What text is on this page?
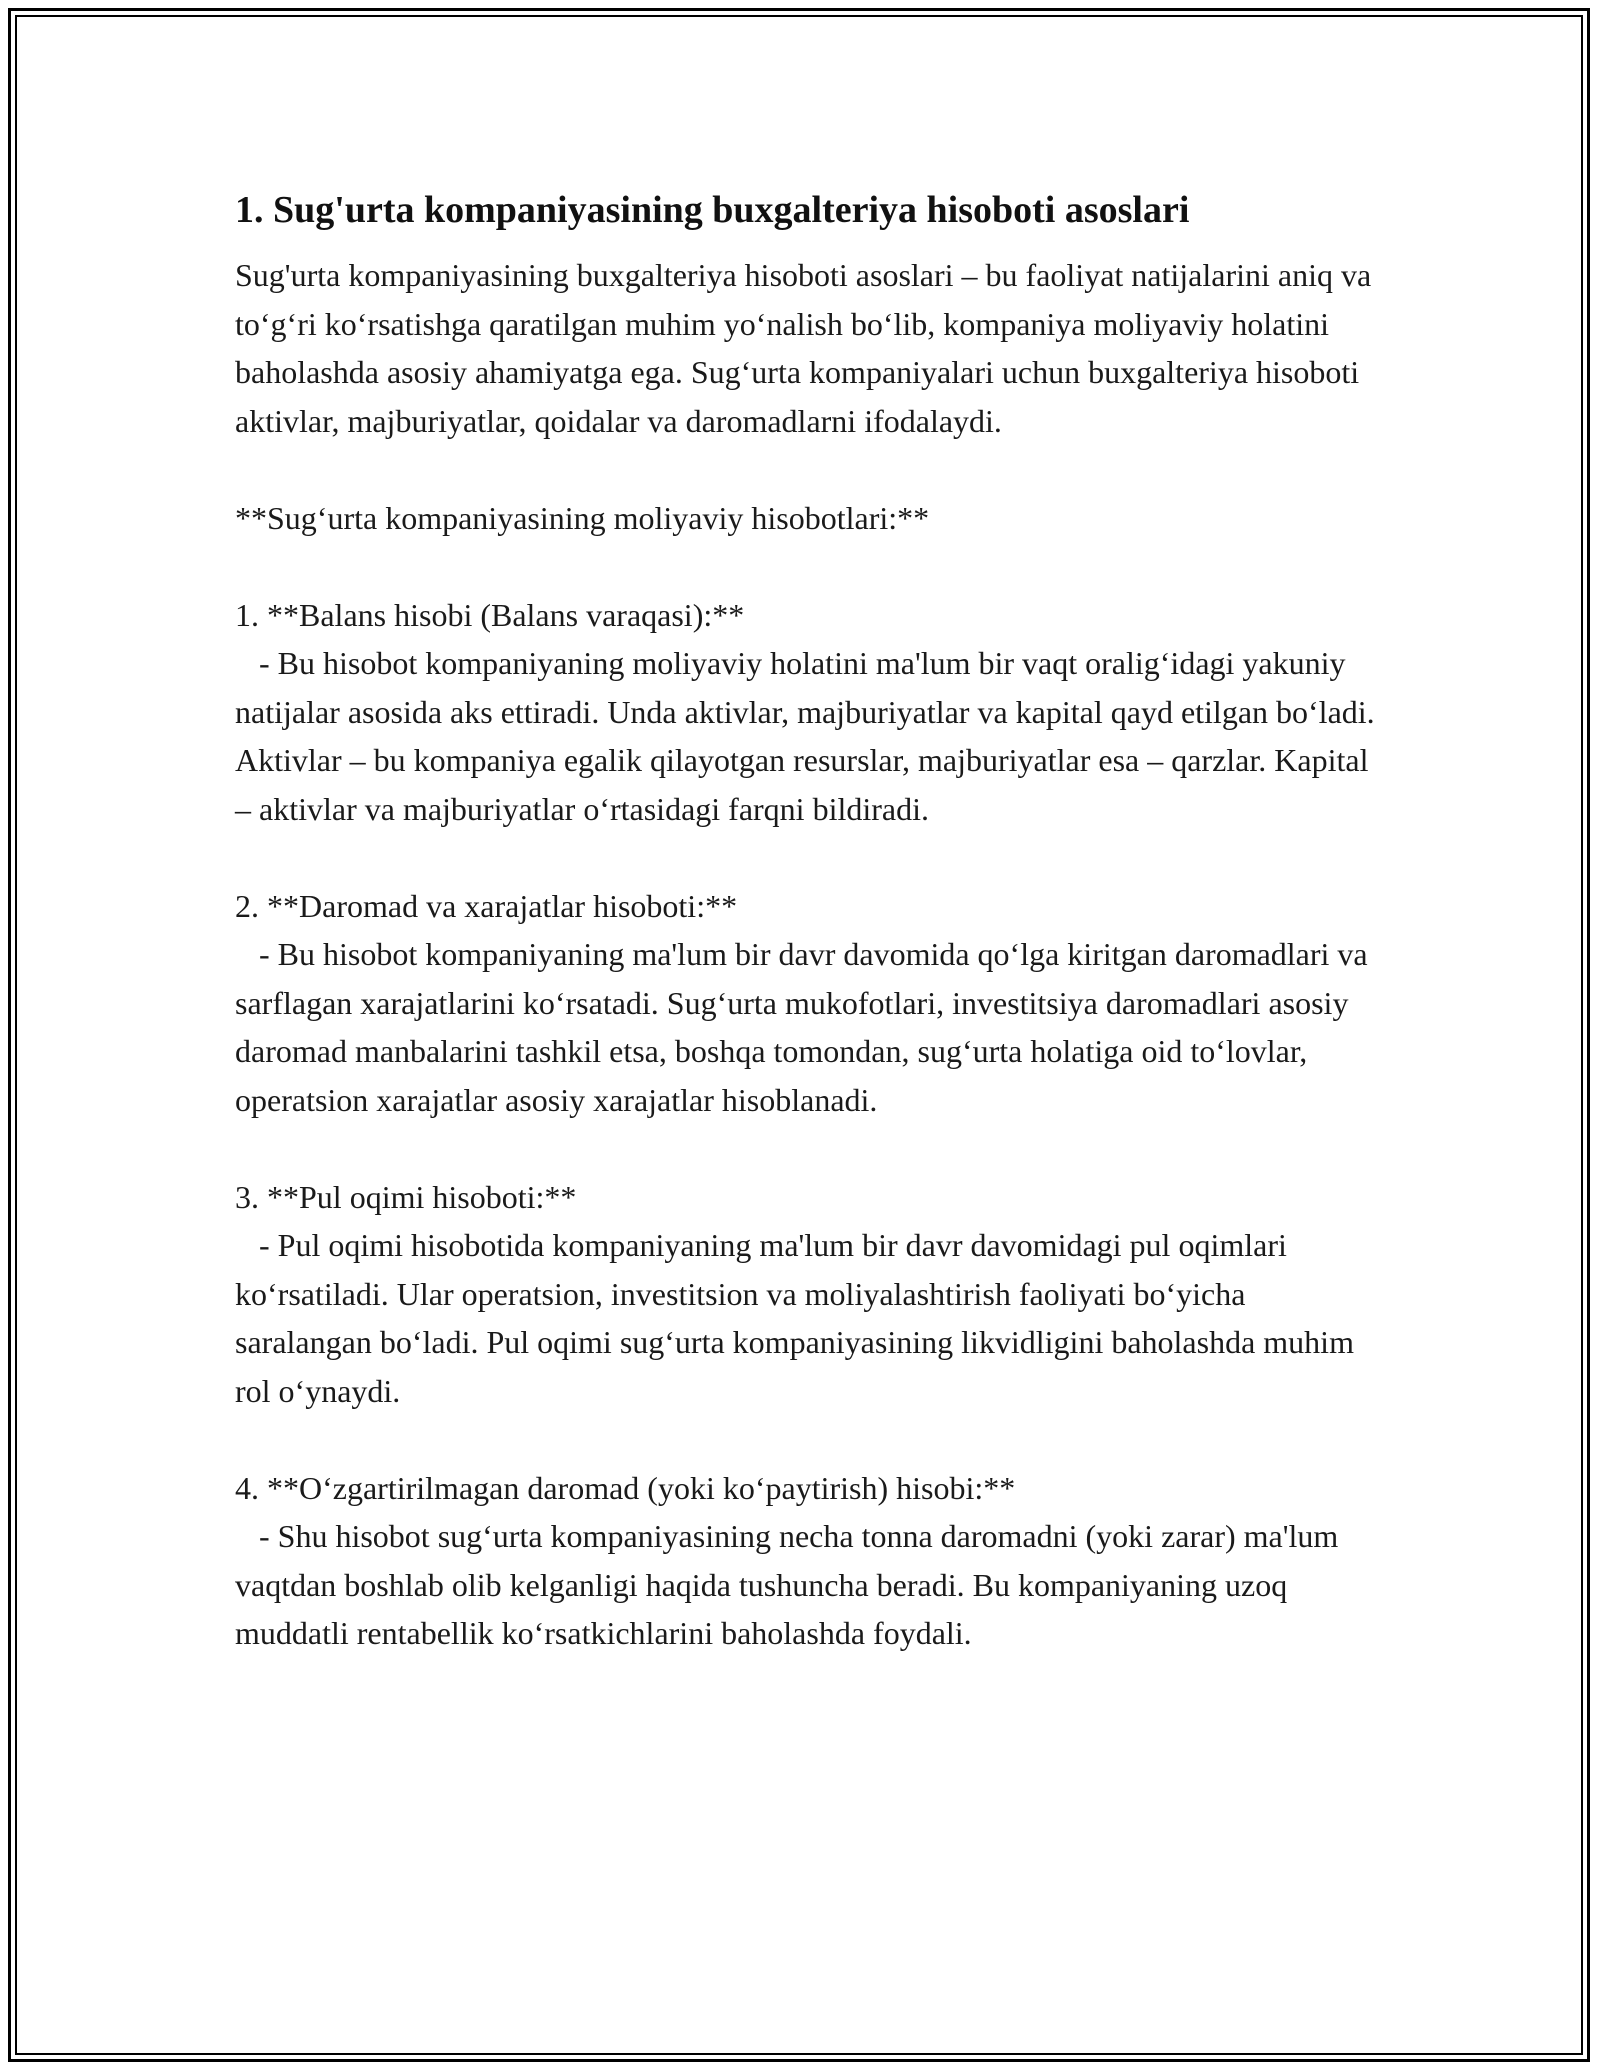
1. Sug'urta kompaniyasining buxgalteriya hisoboti asoslari

Sug'urta kompaniyasining buxgalteriya hisoboti asoslari – bu faoliyat natijalarini aniq va to‘g‘ri ko‘rsatishga qaratilgan muhim yo‘nalish bo‘lib, kompaniya moliyaviy holatini baholashda asosiy ahamiyatga ega. Sug‘urta kompaniyalari uchun buxgalteriya hisoboti aktivlar, majburiyatlar, qoidalar va daromadlarni ifodalaydi.

**Sug‘urta kompaniyasining moliyaviy hisobotlari:**

1. **Balans hisobi (Balans varaqasi):**

- Bu hisobot kompaniyaning moliyaviy holatini ma'lum bir vaqt oralig‘idagi yakuniy natijalar asosida aks ettiradi. Unda aktivlar, majburiyatlar va kapital qayd etilgan bo‘ladi. Aktivlar – bu kompaniya egalik qilayotgan resurslar, majburiyatlar esa – qarzlar. Kapital – aktivlar va majburiyatlar o‘rtasidagi farqni bildiradi.

2. **Daromad va xarajatlar hisoboti:**

- Bu hisobot kompaniyaning ma'lum bir davr davomida qo‘lga kiritgan daromadlari va sarflagan xarajatlarini ko‘rsatadi. Sug‘urta mukofotlari, investitsiya daromadlari asosiy daromad manbalarini tashkil etsa, boshqa tomondan, sug‘urta holatiga oid to‘lovlar, operatsion xarajatlar asosiy xarajatlar hisoblanadi.

3. **Pul oqimi hisoboti:**

- Pul oqimi hisobotida kompaniyaning ma'lum bir davr davomidagi pul oqimlari ko‘rsatiladi. Ular operatsion, investitsion va moliyalashtirish faoliyati bo‘yicha saralangan bo‘ladi. Pul oqimi sug‘urta kompaniyasining likvidligini baholashda muhim rol o‘ynaydi.

4. **O‘zgartirilmagan daromad (yoki ko‘paytirish) hisobi:**

- Shu hisobot sug‘urta kompaniyasining necha tonna daromadni (yoki zarar) ma'lum vaqtdan boshlab olib kelganligi haqida tushuncha beradi. Bu kompaniyaning uzoq muddatli rentabellik ko‘rsatkichlarini baholashda foydali.
